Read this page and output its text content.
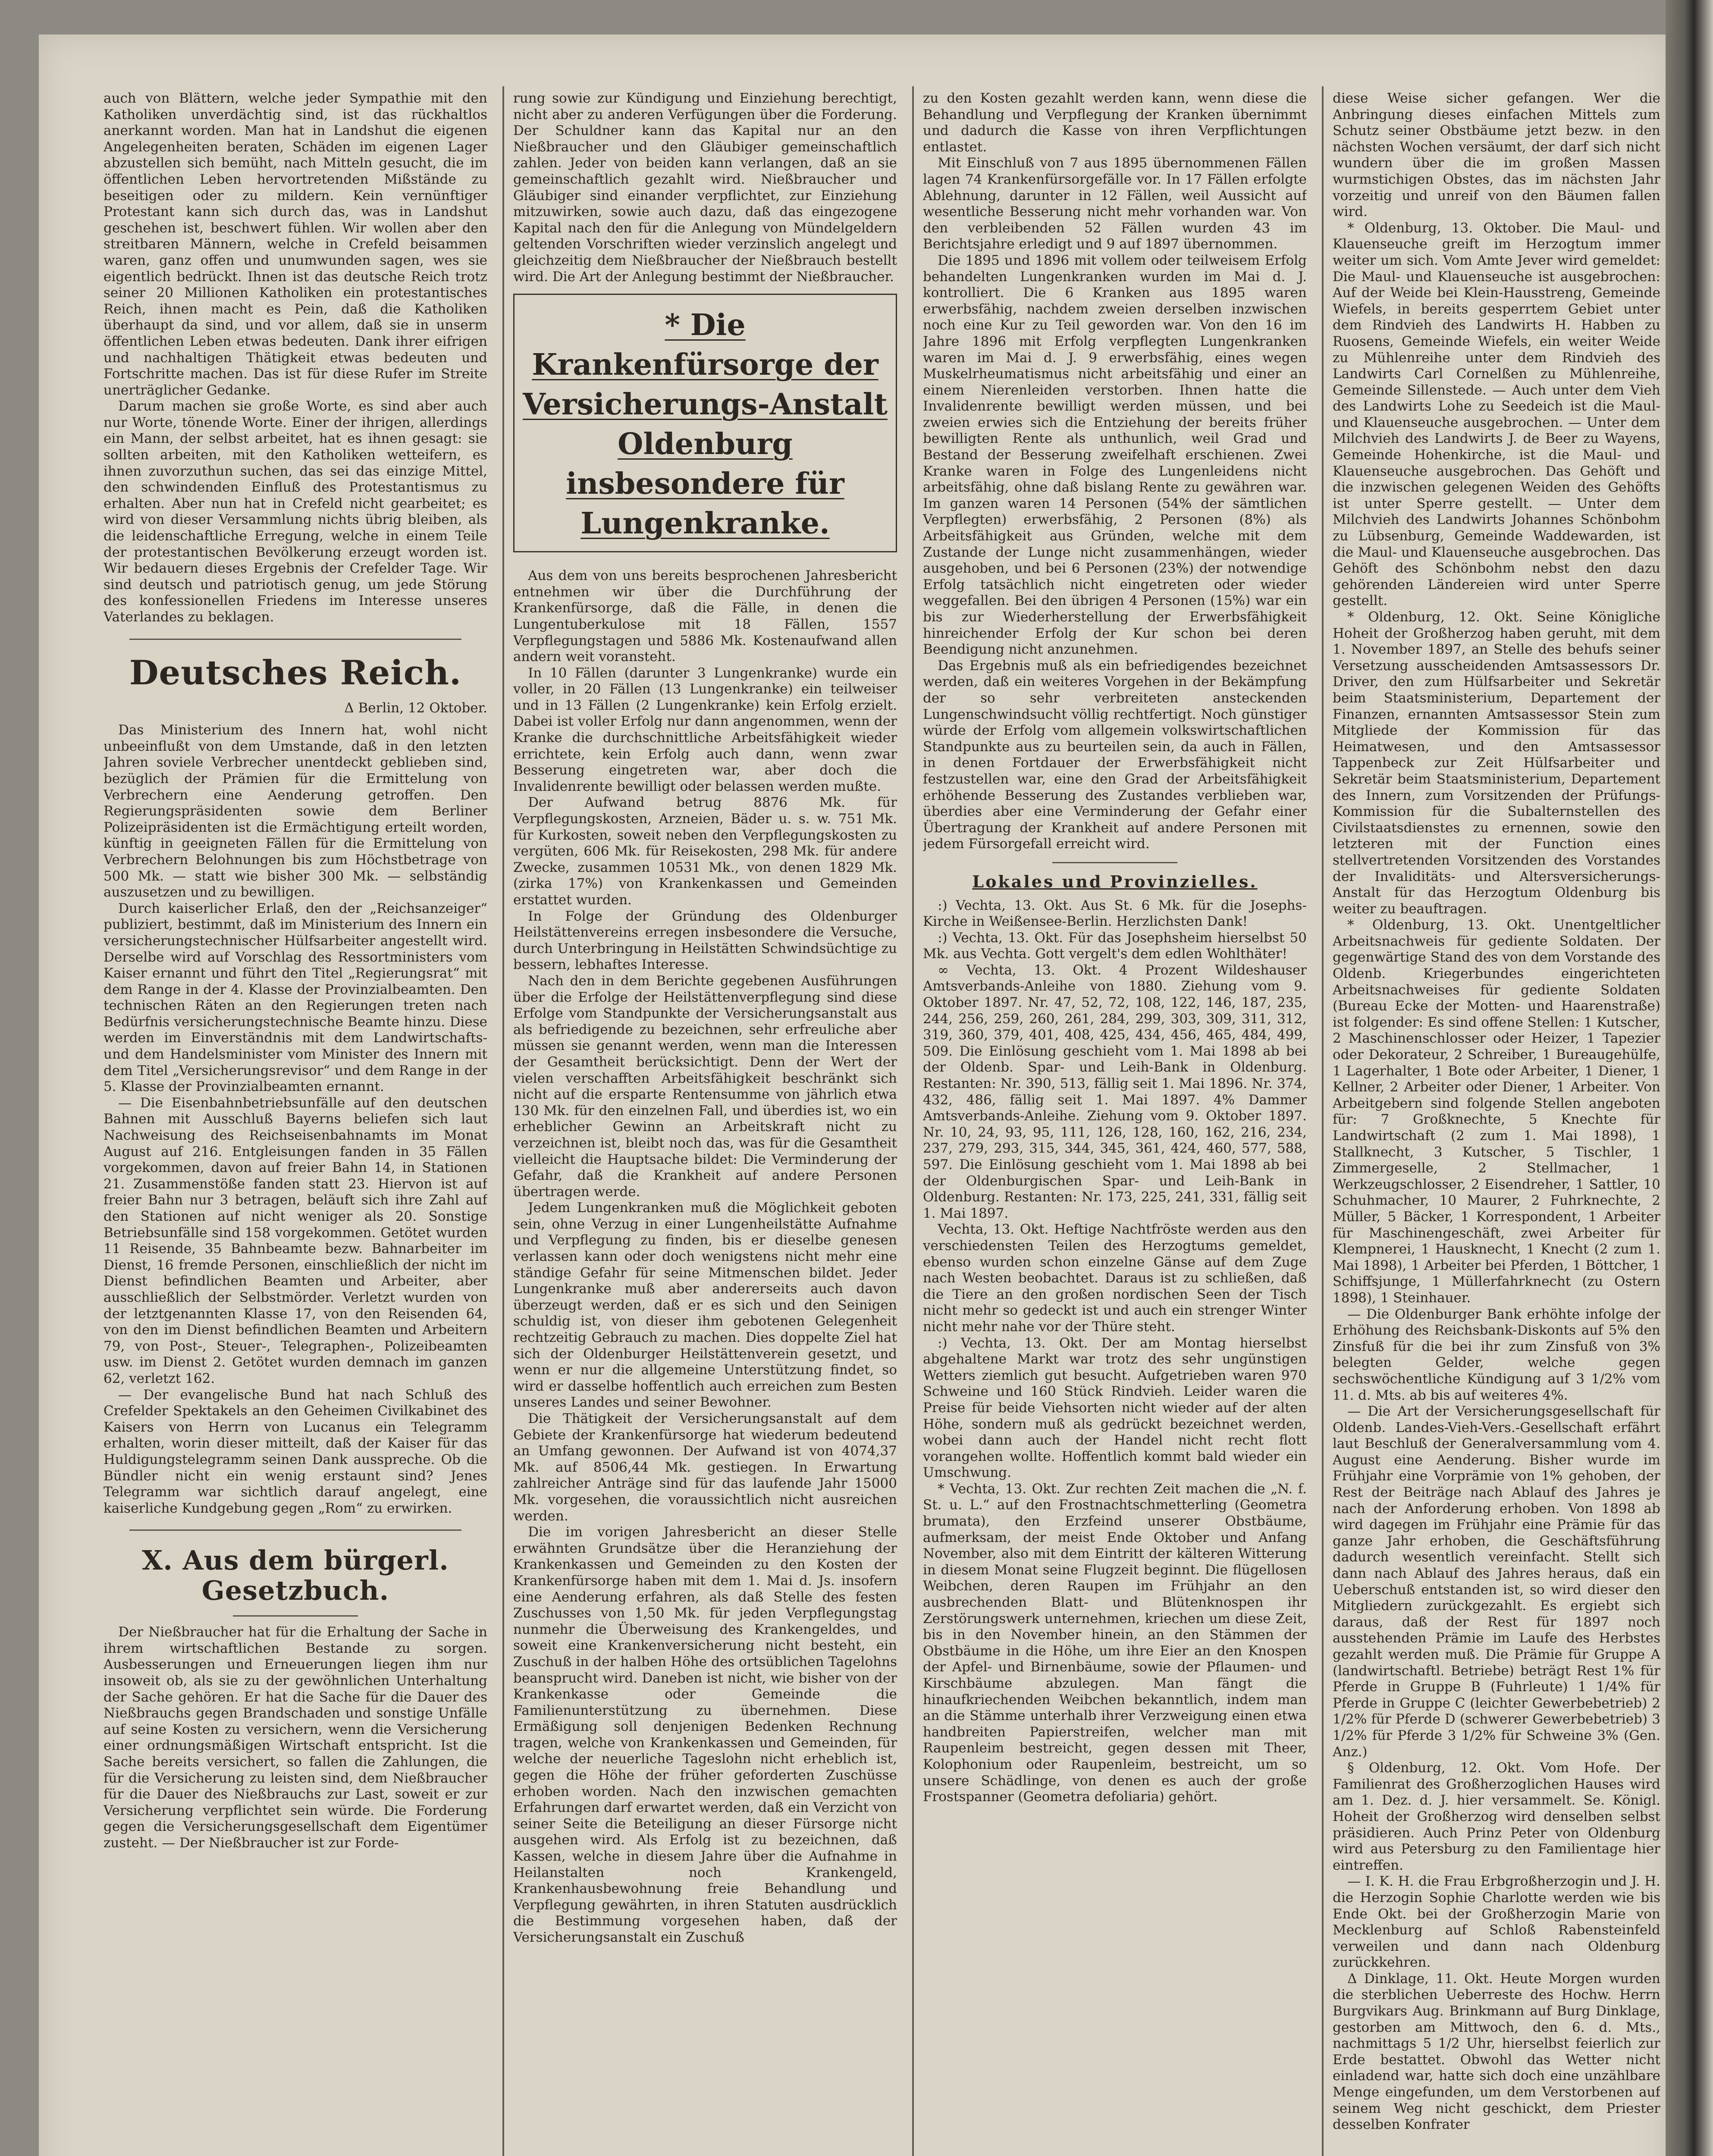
auch von Blättern, welche jeder Sympathie mit den Katholiken unverdächtig sind, ist das rückhaltlos anerkannt worden. Man hat in Landshut die eigenen Angelegenheiten beraten, Schäden im eigenen Lager abzustellen sich bemüht, nach Mitteln gesucht, die im öffentlichen Leben hervortretenden Mißstände zu beseitigen oder zu mildern. Kein vernünftiger Protestant kann sich durch das, was in Landshut geschehen ist, beschwert fühlen. Wir wollen aber den streitbaren Männern, welche in Crefeld beisammen waren, ganz offen und unumwunden sagen, wes sie eigentlich bedrückt. Ihnen ist das deutsche Reich trotz seiner 20 Millionen Katholiken ein protestantisches Reich, ihnen macht es Pein, daß die Katholiken überhaupt da sind, und vor allem, daß sie in unserm öffentlichen Leben etwas bedeuten. Dank ihrer eifrigen und nachhaltigen Thätigkeit etwas bedeuten und Fortschritte machen. Das ist für diese Rufer im Streite unerträglicher Gedanke.

Darum machen sie große Worte, es sind aber auch nur Worte, tönende Worte. Einer der ihrigen, allerdings ein Mann, der selbst arbeitet, hat es ihnen gesagt: sie sollten arbeiten, mit den Katholiken wetteifern, es ihnen zuvorzuthun suchen, das sei das einzige Mittel, den schwindenden Einfluß des Protestantismus zu erhalten. Aber nun hat in Crefeld nicht gearbeitet; es wird von dieser Versammlung nichts übrig bleiben, als die leidenschaftliche Erregung, welche in einem Teile der protestantischen Bevölkerung erzeugt worden ist. Wir bedauern dieses Ergebnis der Crefelder Tage. Wir sind deutsch und patriotisch genug, um jede Störung des konfessionellen Friedens im Interesse unseres Vaterlandes zu beklagen.

Deutsches Reich.
Δ Berlin, 12 Oktober.

Das Ministerium des Innern hat, wohl nicht unbeeinflußt von dem Umstande, daß in den letzten Jahren soviele Verbrecher unentdeckt geblieben sind, bezüglich der Prämien für die Ermittelung von Verbrechern eine Aenderung getroffen. Den Regierungspräsidenten sowie dem Berliner Polizeipräsidenten ist die Ermächtigung erteilt worden, künftig in geeigneten Fällen für die Ermittelung von Verbrechern Belohnungen bis zum Höchstbetrage von 500 Mk. — statt wie bisher 300 Mk. — selbständig auszusetzen und zu bewilligen.

Durch kaiserlicher Erlaß, den der „Reichsanzeiger“ publiziert, bestimmt, daß im Ministerium des Innern ein versicherungstechnischer Hülfsarbeiter angestellt wird. Derselbe wird auf Vorschlag des Ressortministers vom Kaiser ernannt und führt den Titel „Regierungsrat“ mit dem Range in der 4. Klasse der Provinzialbeamten. Den technischen Räten an den Regierungen treten nach Bedürfnis versicherungstechnische Beamte hinzu. Diese werden im Einverständnis mit dem Landwirtschafts- und dem Handelsminister vom Minister des Innern mit dem Titel „Versicherungsrevisor“ und dem Range in der 5. Klasse der Provinzialbeamten ernannt.

— Die Eisenbahnbetriebsunfälle auf den deutschen Bahnen mit Ausschluß Bayerns beliefen sich laut Nachweisung des Reichseisenbahnamts im Monat August auf 216. Entgleisungen fanden in 35 Fällen vorgekommen, davon auf freier Bahn 14, in Stationen 21. Zusammenstöße fanden statt 23. Hiervon ist auf freier Bahn nur 3 betragen, beläuft sich ihre Zahl auf den Stationen auf nicht weniger als 20. Sonstige Betriebsunfälle sind 158 vorgekommen. Getötet wurden 11 Reisende, 35 Bahnbeamte bezw. Bahnarbeiter im Dienst, 16 fremde Personen, einschließlich der nicht im Dienst befindlichen Beamten und Arbeiter, aber ausschließlich der Selbstmörder. Verletzt wurden von der letztgenannten Klasse 17, von den Reisenden 64, von den im Dienst befindlichen Beamten und Arbeitern 79, von Post-, Steuer-, Telegraphen-, Polizeibeamten usw. im Dienst 2. Getötet wurden demnach im ganzen 62, verletzt 162.

— Der evangelische Bund hat nach Schluß des Crefelder Spektakels an den Geheimen Civilkabinet des Kaisers von Herrn von Lucanus ein Telegramm erhalten, worin dieser mitteilt, daß der Kaiser für das Huldigungstelegramm seinen Dank ausspreche. Ob die Bündler nicht ein wenig erstaunt sind? Jenes Telegramm war sichtlich darauf angelegt, eine kaiserliche Kundgebung gegen „Rom“ zu erwirken.

X. Aus dem bürgerl. Gesetzbuch.

Der Nießbraucher hat für die Erhaltung der Sache in ihrem wirtschaftlichen Bestande zu sorgen. Ausbesserungen und Erneuerungen liegen ihm nur insoweit ob, als sie zu der gewöhnlichen Unterhaltung der Sache gehören. Er hat die Sache für die Dauer des Nießbrauchs gegen Brandschaden und sonstige Unfälle auf seine Kosten zu versichern, wenn die Versicherung einer ordnungsmäßigen Wirtschaft entspricht. Ist die Sache bereits versichert, so fallen die Zahlungen, die für die Versicherung zu leisten sind, dem Nießbraucher für die Dauer des Nießbrauchs zur Last, soweit er zur Versicherung verpflichtet sein würde. Die Forderung gegen die Versicherungsgesellschaft dem Eigentümer zusteht. — Der Nießbraucher ist zur Forde-

rung sowie zur Kündigung und Einziehung berechtigt, nicht aber zu anderen Verfügungen über die Forderung. Der Schuldner kann das Kapital nur an den Nießbraucher und den Gläubiger gemeinschaftlich zahlen. Jeder von beiden kann verlangen, daß an sie gemeinschaftlich gezahlt wird. Nießbraucher und Gläubiger sind einander verpflichtet, zur Einziehung mitzuwirken, sowie auch dazu, daß das eingezogene Kapital nach den für die Anlegung von Mündelgeldern geltenden Vorschriften wieder verzinslich angelegt und gleichzeitig dem Nießbraucher der Nießbrauch bestellt wird. Die Art der Anlegung bestimmt der Nießbraucher.

* Die Krankenfürsorge der Versicherungs-Anstalt Oldenburg insbesondere für Lungenkranke.

Aus dem von uns bereits besprochenen Jahresbericht entnehmen wir über die Durchführung der Krankenfürsorge, daß die Fälle, in denen die Lungentuberkulose mit 18 Fällen, 1557 Verpflegungstagen und 5886 Mk. Kostenaufwand allen andern weit voransteht.

In 10 Fällen (darunter 3 Lungenkranke) wurde ein voller, in 20 Fällen (13 Lungenkranke) ein teilweiser und in 13 Fällen (2 Lungenkranke) kein Erfolg erzielt. Dabei ist voller Erfolg nur dann angenommen, wenn der Kranke die durchschnittliche Arbeitsfähigkeit wieder errichtete, kein Erfolg auch dann, wenn zwar Besserung eingetreten war, aber doch die Invalidenrente bewilligt oder belassen werden mußte.

Der Aufwand betrug 8876 Mk. für Verpflegungskosten, Arzneien, Bäder u. s. w. 751 Mk. für Kurkosten, soweit neben den Verpflegungskosten zu vergüten, 606 Mk. für Reisekosten, 298 Mk. für andere Zwecke, zusammen 10531 Mk., von denen 1829 Mk. (zirka 17%) von Krankenkassen und Gemeinden erstattet wurden.

In Folge der Gründung des Oldenburger Heilstättenvereins erregen insbesondere die Versuche, durch Unterbringung in Heilstätten Schwindsüchtige zu bessern, lebhaftes Interesse.

Nach den in dem Berichte gegebenen Ausführungen über die Erfolge der Heilstättenverpflegung sind diese Erfolge vom Standpunkte der Versicherungsanstalt aus als befriedigende zu bezeichnen, sehr erfreuliche aber müssen sie genannt werden, wenn man die Interessen der Gesamtheit berücksichtigt. Denn der Wert der vielen verschafften Arbeitsfähigkeit beschränkt sich nicht auf die ersparte Rentensumme von jährlich etwa 130 Mk. für den einzelnen Fall, und überdies ist, wo ein erheblicher Gewinn an Arbeitskraft nicht zu verzeichnen ist, bleibt noch das, was für die Gesamtheit vielleicht die Hauptsache bildet: Die Verminderung der Gefahr, daß die Krankheit auf andere Personen übertragen werde.

Jedem Lungenkranken muß die Möglichkeit geboten sein, ohne Verzug in einer Lungenheilstätte Aufnahme und Verpflegung zu finden, bis er dieselbe genesen verlassen kann oder doch wenigstens nicht mehr eine ständige Gefahr für seine Mitmenschen bildet. Jeder Lungenkranke muß aber andererseits auch davon überzeugt werden, daß er es sich und den Seinigen schuldig ist, von dieser ihm gebotenen Gelegenheit rechtzeitig Gebrauch zu machen. Dies doppelte Ziel hat sich der Oldenburger Heilstättenverein gesetzt, und wenn er nur die allgemeine Unterstützung findet, so wird er dasselbe hoffentlich auch erreichen zum Besten unseres Landes und seiner Bewohner.

Die Thätigkeit der Versicherungsanstalt auf dem Gebiete der Krankenfürsorge hat wiederum bedeutend an Umfang gewonnen. Der Aufwand ist von 4074,37 Mk. auf 8506,44 Mk. gestiegen. In Erwartung zahlreicher Anträge sind für das laufende Jahr 15000 Mk. vorgesehen, die voraussichtlich nicht ausreichen werden.

Die im vorigen Jahresbericht an dieser Stelle erwähnten Grundsätze über die Heranziehung der Krankenkassen und Gemeinden zu den Kosten der Krankenfürsorge haben mit dem 1. Mai d. Js. insofern eine Aenderung erfahren, als daß Stelle des festen Zuschusses von 1,50 Mk. für jeden Verpflegungstag nunmehr die Überweisung des Krankengeldes, und soweit eine Krankenversicherung nicht besteht, ein Zuschuß in der halben Höhe des ortsüblichen Tagelohns beansprucht wird. Daneben ist nicht, wie bisher von der Krankenkasse oder Gemeinde die Familienunterstützung zu übernehmen. Diese Ermäßigung soll denjenigen Bedenken Rechnung tragen, welche von Krankenkassen und Gemeinden, für welche der neuerliche Tageslohn nicht erheblich ist, gegen die Höhe der früher geforderten Zuschüsse erhoben worden. Nach den inzwischen gemachten Erfahrungen darf erwartet werden, daß ein Verzicht von seiner Seite die Beteiligung an dieser Fürsorge nicht ausgehen wird. Als Erfolg ist zu bezeichnen, daß Kassen, welche in diesem Jahre über die Aufnahme in Heilanstalten noch Krankengeld, Krankenhausbewohnung freie Behandlung und Verpflegung gewährten, in ihren Statuten ausdrücklich die Bestimmung vorgesehen haben, daß der Versicherungsanstalt ein Zuschuß

zu den Kosten gezahlt werden kann, wenn diese die Behandlung und Verpflegung der Kranken übernimmt und dadurch die Kasse von ihren Verpflichtungen entlastet.

Mit Einschluß von 7 aus 1895 übernommenen Fällen lagen 74 Krankenfürsorgefälle vor. In 17 Fällen erfolgte Ablehnung, darunter in 12 Fällen, weil Aussicht auf wesentliche Besserung nicht mehr vorhanden war. Von den verbleibenden 52 Fällen wurden 43 im Berichtsjahre erledigt und 9 auf 1897 übernommen.

Die 1895 und 1896 mit vollem oder teilweisem Erfolg behandelten Lungenkranken wurden im Mai d. J. kontrolliert. Die 6 Kranken aus 1895 waren erwerbsfähig, nachdem zweien derselben inzwischen noch eine Kur zu Teil geworden war. Von den 16 im Jahre 1896 mit Erfolg verpflegten Lungenkranken waren im Mai d. J. 9 erwerbsfähig, eines wegen Muskelrheumatismus nicht arbeitsfähig und einer an einem Nierenleiden verstorben. Ihnen hatte die Invalidenrente bewilligt werden müssen, und bei zweien erwies sich die Entziehung der bereits früher bewilligten Rente als unthunlich, weil Grad und Bestand der Besserung zweifelhaft erschienen. Zwei Kranke waren in Folge des Lungenleidens nicht arbeitsfähig, ohne daß bislang Rente zu gewähren war. Im ganzen waren 14 Personen (54% der sämtlichen Verpflegten) erwerbsfähig, 2 Personen (8%) als Arbeitsfähigkeit aus Gründen, welche mit dem Zustande der Lunge nicht zusammenhängen, wieder ausgehoben, und bei 6 Personen (23%) der notwendige Erfolg tatsächlich nicht eingetreten oder wieder weggefallen. Bei den übrigen 4 Personen (15%) war ein bis zur Wiederherstellung der Erwerbsfähigkeit hinreichender Erfolg der Kur schon bei deren Beendigung nicht anzunehmen.

Das Ergebnis muß als ein befriedigendes bezeichnet werden, daß ein weiteres Vorgehen in der Bekämpfung der so sehr verbreiteten ansteckenden Lungenschwindsucht völlig rechtfertigt. Noch günstiger würde der Erfolg vom allgemein volkswirtschaftlichen Standpunkte aus zu beurteilen sein, da auch in Fällen, in denen Fortdauer der Erwerbsfähigkeit nicht festzustellen war, eine den Grad der Arbeitsfähigkeit erhöhende Besserung des Zustandes verblieben war, überdies aber eine Verminderung der Gefahr einer Übertragung der Krankheit auf andere Personen mit jedem Fürsorgefall erreicht wird.

Lokales und Provinzielles.

:) Vechta, 13. Okt. Aus St. 6 Mk. für die Josephs-Kirche in Weißensee-Berlin. Herzlichsten Dank!

:) Vechta, 13. Okt. Für das Josephsheim hierselbst 50 Mk. aus Vechta. Gott vergelt's dem edlen Wohlthäter!

∞ Vechta, 13. Okt. 4 Prozent Wildeshauser Amtsverbands-Anleihe von 1880. Ziehung vom 9. Oktober 1897. Nr. 47, 52, 72, 108, 122, 146, 187, 235, 244, 256, 259, 260, 261, 284, 299, 303, 309, 311, 312, 319, 360, 379, 401, 408, 425, 434, 456, 465, 484, 499, 509. Die Einlösung geschieht vom 1. Mai 1898 ab bei der Oldenb. Spar- und Leih-Bank in Oldenburg. Restanten: Nr. 390, 513, fällig seit 1. Mai 1896. Nr. 374, 432, 486, fällig seit 1. Mai 1897. 4% Dammer Amtsverbands-Anleihe. Ziehung vom 9. Oktober 1897. Nr. 10, 24, 93, 95, 111, 126, 128, 160, 162, 216, 234, 237, 279, 293, 315, 344, 345, 361, 424, 460, 577, 588, 597. Die Einlösung geschieht vom 1. Mai 1898 ab bei der Oldenburgischen Spar- und Leih-Bank in Oldenburg. Restanten: Nr. 173, 225, 241, 331, fällig seit 1. Mai 1897.

Vechta, 13. Okt. Heftige Nachtfröste werden aus den verschiedensten Teilen des Herzogtums gemeldet, ebenso wurden schon einzelne Gänse auf dem Zuge nach Westen beobachtet. Daraus ist zu schließen, daß die Tiere an den großen nordischen Seen der Tisch nicht mehr so gedeckt ist und auch ein strenger Winter nicht mehr nahe vor der Thüre steht.

:) Vechta, 13. Okt. Der am Montag hierselbst abgehaltene Markt war trotz des sehr ungünstigen Wetters ziemlich gut besucht. Aufgetrieben waren 970 Schweine und 160 Stück Rindvieh. Leider waren die Preise für beide Viehsorten nicht wieder auf der alten Höhe, sondern muß als gedrückt bezeichnet werden, wobei dann auch der Handel nicht recht flott vorangehen wollte. Hoffentlich kommt bald wieder ein Umschwung.

* Vechta, 13. Okt. Zur rechten Zeit machen die „N. f. St. u. L.“ auf den Frostnachtschmetterling (Geometra brumata), den Erzfeind unserer Obstbäume, aufmerksam, der meist Ende Oktober und Anfang November, also mit dem Eintritt der kälteren Witterung in diesem Monat seine Flugzeit beginnt. Die flügellosen Weibchen, deren Raupen im Frühjahr an den ausbrechenden Blatt- und Blütenknospen ihr Zerstörungswerk unternehmen, kriechen um diese Zeit, bis in den November hinein, an den Stämmen der Obstbäume in die Höhe, um ihre Eier an den Knospen der Apfel- und Birnenbäume, sowie der Pflaumen- und Kirschbäume abzulegen. Man fängt die hinaufkriechenden Weibchen bekanntlich, indem man an die Stämme unterhalb ihrer Verzweigung einen etwa handbreiten Papierstreifen, welcher man mit Raupenleim bestreicht, gegen dessen mit Theer, Kolophonium oder Raupenleim, bestreicht, um so unsere Schädlinge, von denen es auch der große Frostspanner (Geometra defoliaria) gehört.

diese Weise sicher gefangen. Wer die Anbringung dieses einfachen Mittels zum Schutz seiner Obstbäume jetzt bezw. in den nächsten Wochen versäumt, der darf sich nicht wundern über die im großen Massen wurmstichigen Obstes, das im nächsten Jahr vorzeitig und unreif von den Bäumen fallen wird.

* Oldenburg, 13. Oktober. Die Maul- und Klauenseuche greift im Herzogtum immer weiter um sich. Vom Amte Jever wird gemeldet: Die Maul- und Klauenseuche ist ausgebrochen: Auf der Weide bei Klein-Hausstreng, Gemeinde Wiefels, in bereits gesperrtem Gebiet unter dem Rindvieh des Landwirts H. Habben zu Ruosens, Gemeinde Wiefels, ein weiter Weide zu Mühlenreihe unter dem Rindvieh des Landwirts Carl Cornelßen zu Mühlenreihe, Gemeinde Sillenstede. — Auch unter dem Vieh des Landwirts Lohe zu Seedeich ist die Maul- und Klauenseuche ausgebrochen. — Unter dem Milchvieh des Landwirts J. de Beer zu Wayens, Gemeinde Hohenkirche, ist die Maul- und Klauenseuche ausgebrochen. Das Gehöft und die inzwischen gelegenen Weiden des Gehöfts ist unter Sperre gestellt. — Unter dem Milchvieh des Landwirts Johannes Schönbohm zu Lübsenburg, Gemeinde Waddewarden, ist die Maul- und Klauenseuche ausgebrochen. Das Gehöft des Schönbohm nebst den dazu gehörenden Ländereien wird unter Sperre gestellt.

* Oldenburg, 12. Okt. Seine Königliche Hoheit der Großherzog haben geruht, mit dem 1. November 1897, an Stelle des behufs seiner Versetzung ausscheidenden Amtsassessors Dr. Driver, den zum Hülfsarbeiter und Sekretär beim Staatsministerium, Departement der Finanzen, ernannten Amtsassessor Stein zum Mitgliede der Kommission für das Heimatwesen, und den Amtsassessor Tappenbeck zur Zeit Hülfsarbeiter und Sekretär beim Staatsministerium, Departement des Innern, zum Vorsitzenden der Prüfungs-Kommission für die Subalternstellen des Civilstaatsdienstes zu ernennen, sowie den letzteren mit der Function eines stellvertretenden Vorsitzenden des Vorstandes der Invaliditäts- und Altersversicherungs-Anstalt für das Herzogtum Oldenburg bis weiter zu beauftragen.

* Oldenburg, 13. Okt. Unentgeltlicher Arbeitsnachweis für gediente Soldaten. Der gegenwärtige Stand des von dem Vorstande des Oldenb. Kriegerbundes eingerichteten Arbeitsnachweises für gediente Soldaten (Bureau Ecke der Motten- und Haarenstraße) ist folgender: Es sind offene Stellen: 1 Kutscher, 2 Maschinenschlosser oder Heizer, 1 Tapezier oder Dekorateur, 2 Schreiber, 1 Bureaugehülfe, 1 Lagerhalter, 1 Bote oder Arbeiter, 1 Diener, 1 Kellner, 2 Arbeiter oder Diener, 1 Arbeiter. Von Arbeitgebern sind folgende Stellen angeboten für: 7 Großknechte, 5 Knechte für Landwirtschaft (2 zum 1. Mai 1898), 1 Stallknecht, 3 Kutscher, 5 Tischler, 1 Zimmergeselle, 2 Stellmacher, 1 Werkzeugschlosser, 2 Eisendreher, 1 Sattler, 10 Schuhmacher, 10 Maurer, 2 Fuhrknechte, 2 Müller, 5 Bäcker, 1 Korrespondent, 1 Arbeiter für Maschinengeschäft, zwei Arbeiter für Klempnerei, 1 Hausknecht, 1 Knecht (2 zum 1. Mai 1898), 1 Arbeiter bei Pferden, 1 Böttcher, 1 Schiffsjunge, 1 Müllerfahrknecht (zu Ostern 1898), 1 Steinhauer.

— Die Oldenburger Bank erhöhte infolge der Erhöhung des Reichsbank-Diskonts auf 5% den Zinsfuß für die bei ihr zum Zinsfuß von 3% belegten Gelder, welche gegen sechswöchentliche Kündigung auf 3 1/2% vom 11. d. Mts. ab bis auf weiteres 4%.

— Die Art der Versicherungsgesellschaft für Oldenb. Landes-Vieh-Vers.-Gesellschaft erfährt laut Beschluß der Generalversammlung vom 4. August eine Aenderung. Bisher wurde im Frühjahr eine Vorprämie von 1% gehoben, der Rest der Beiträge nach Ablauf des Jahres je nach der Anforderung erhoben. Von 1898 ab wird dagegen im Frühjahr eine Prämie für das ganze Jahr erhoben, die Geschäftsführung dadurch wesentlich vereinfacht. Stellt sich dann nach Ablauf des Jahres heraus, daß ein Ueberschuß entstanden ist, so wird dieser den Mitgliedern zurückgezahlt. Es ergiebt sich daraus, daß der Rest für 1897 noch ausstehenden Prämie im Laufe des Herbstes gezahlt werden muß. Die Prämie für Gruppe A (landwirtschaftl. Betriebe) beträgt Rest 1% für Pferde in Gruppe B (Fuhrleute) 1 1/4% für Pferde in Gruppe C (leichter Gewerbebetrieb) 2 1/2% für Pferde D (schwerer Gewerbebetrieb) 3 1/2% für Pferde 3 1/2% für Schweine 3% (Gen. Anz.)

§ Oldenburg, 12. Okt. Vom Hofe. Der Familienrat des Großherzoglichen Hauses wird am 1. Dez. d. J. hier versammelt. Se. Königl. Hoheit der Großherzog wird denselben selbst präsidieren. Auch Prinz Peter von Oldenburg wird aus Petersburg zu den Familientage hier eintreffen.

— I. K. H. die Frau Erbgroßherzogin und J. H. die Herzogin Sophie Charlotte werden wie bis Ende Okt. bei der Großherzogin Marie von Mecklenburg auf Schloß Rabensteinfeld verweilen und dann nach Oldenburg zurückkehren.

Δ Dinklage, 11. Okt. Heute Morgen wurden die sterblichen Ueberreste des Hochw. Herrn Burgvikars Aug. Brinkmann auf Burg Dinklage, gestorben am Mittwoch, den 6. d. Mts., nachmittags 5 1/2 Uhr, hierselbst feierlich zur Erde bestattet. Obwohl das Wetter nicht einladend war, hatte sich doch eine unzählbare Menge eingefunden, um dem Verstorbenen auf seinem Weg nicht geschickt, dem Priester desselben Konfrater
